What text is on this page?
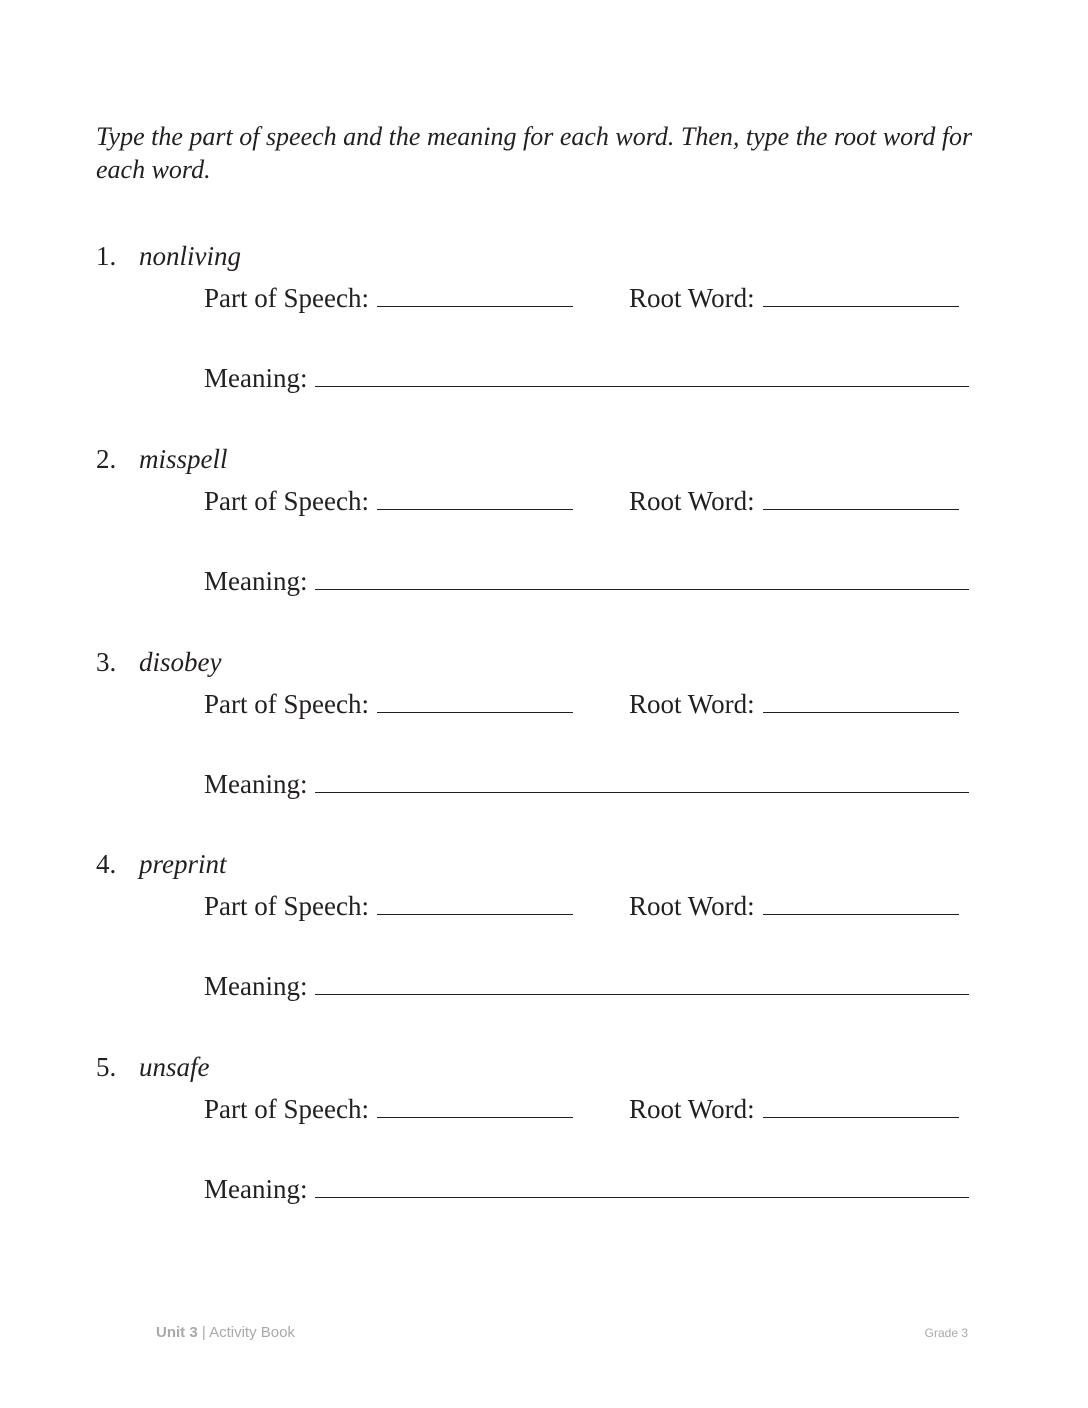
Type the part of speech and the meaning for each word. Then, type the root word for each word.

1. nonliving
Part of Speech:	Root Word:
Meaning:
2. misspell
Part of Speech:	Root Word:
Meaning:
3. disobey
Part of Speech:	Root Word:
Meaning:
4. preprint
Part of Speech:	Root Word:
Meaning:
5. unsafe
Part of Speech:	Root Word:
Meaning:
Unit 3 | Activity Book	Grade 3
